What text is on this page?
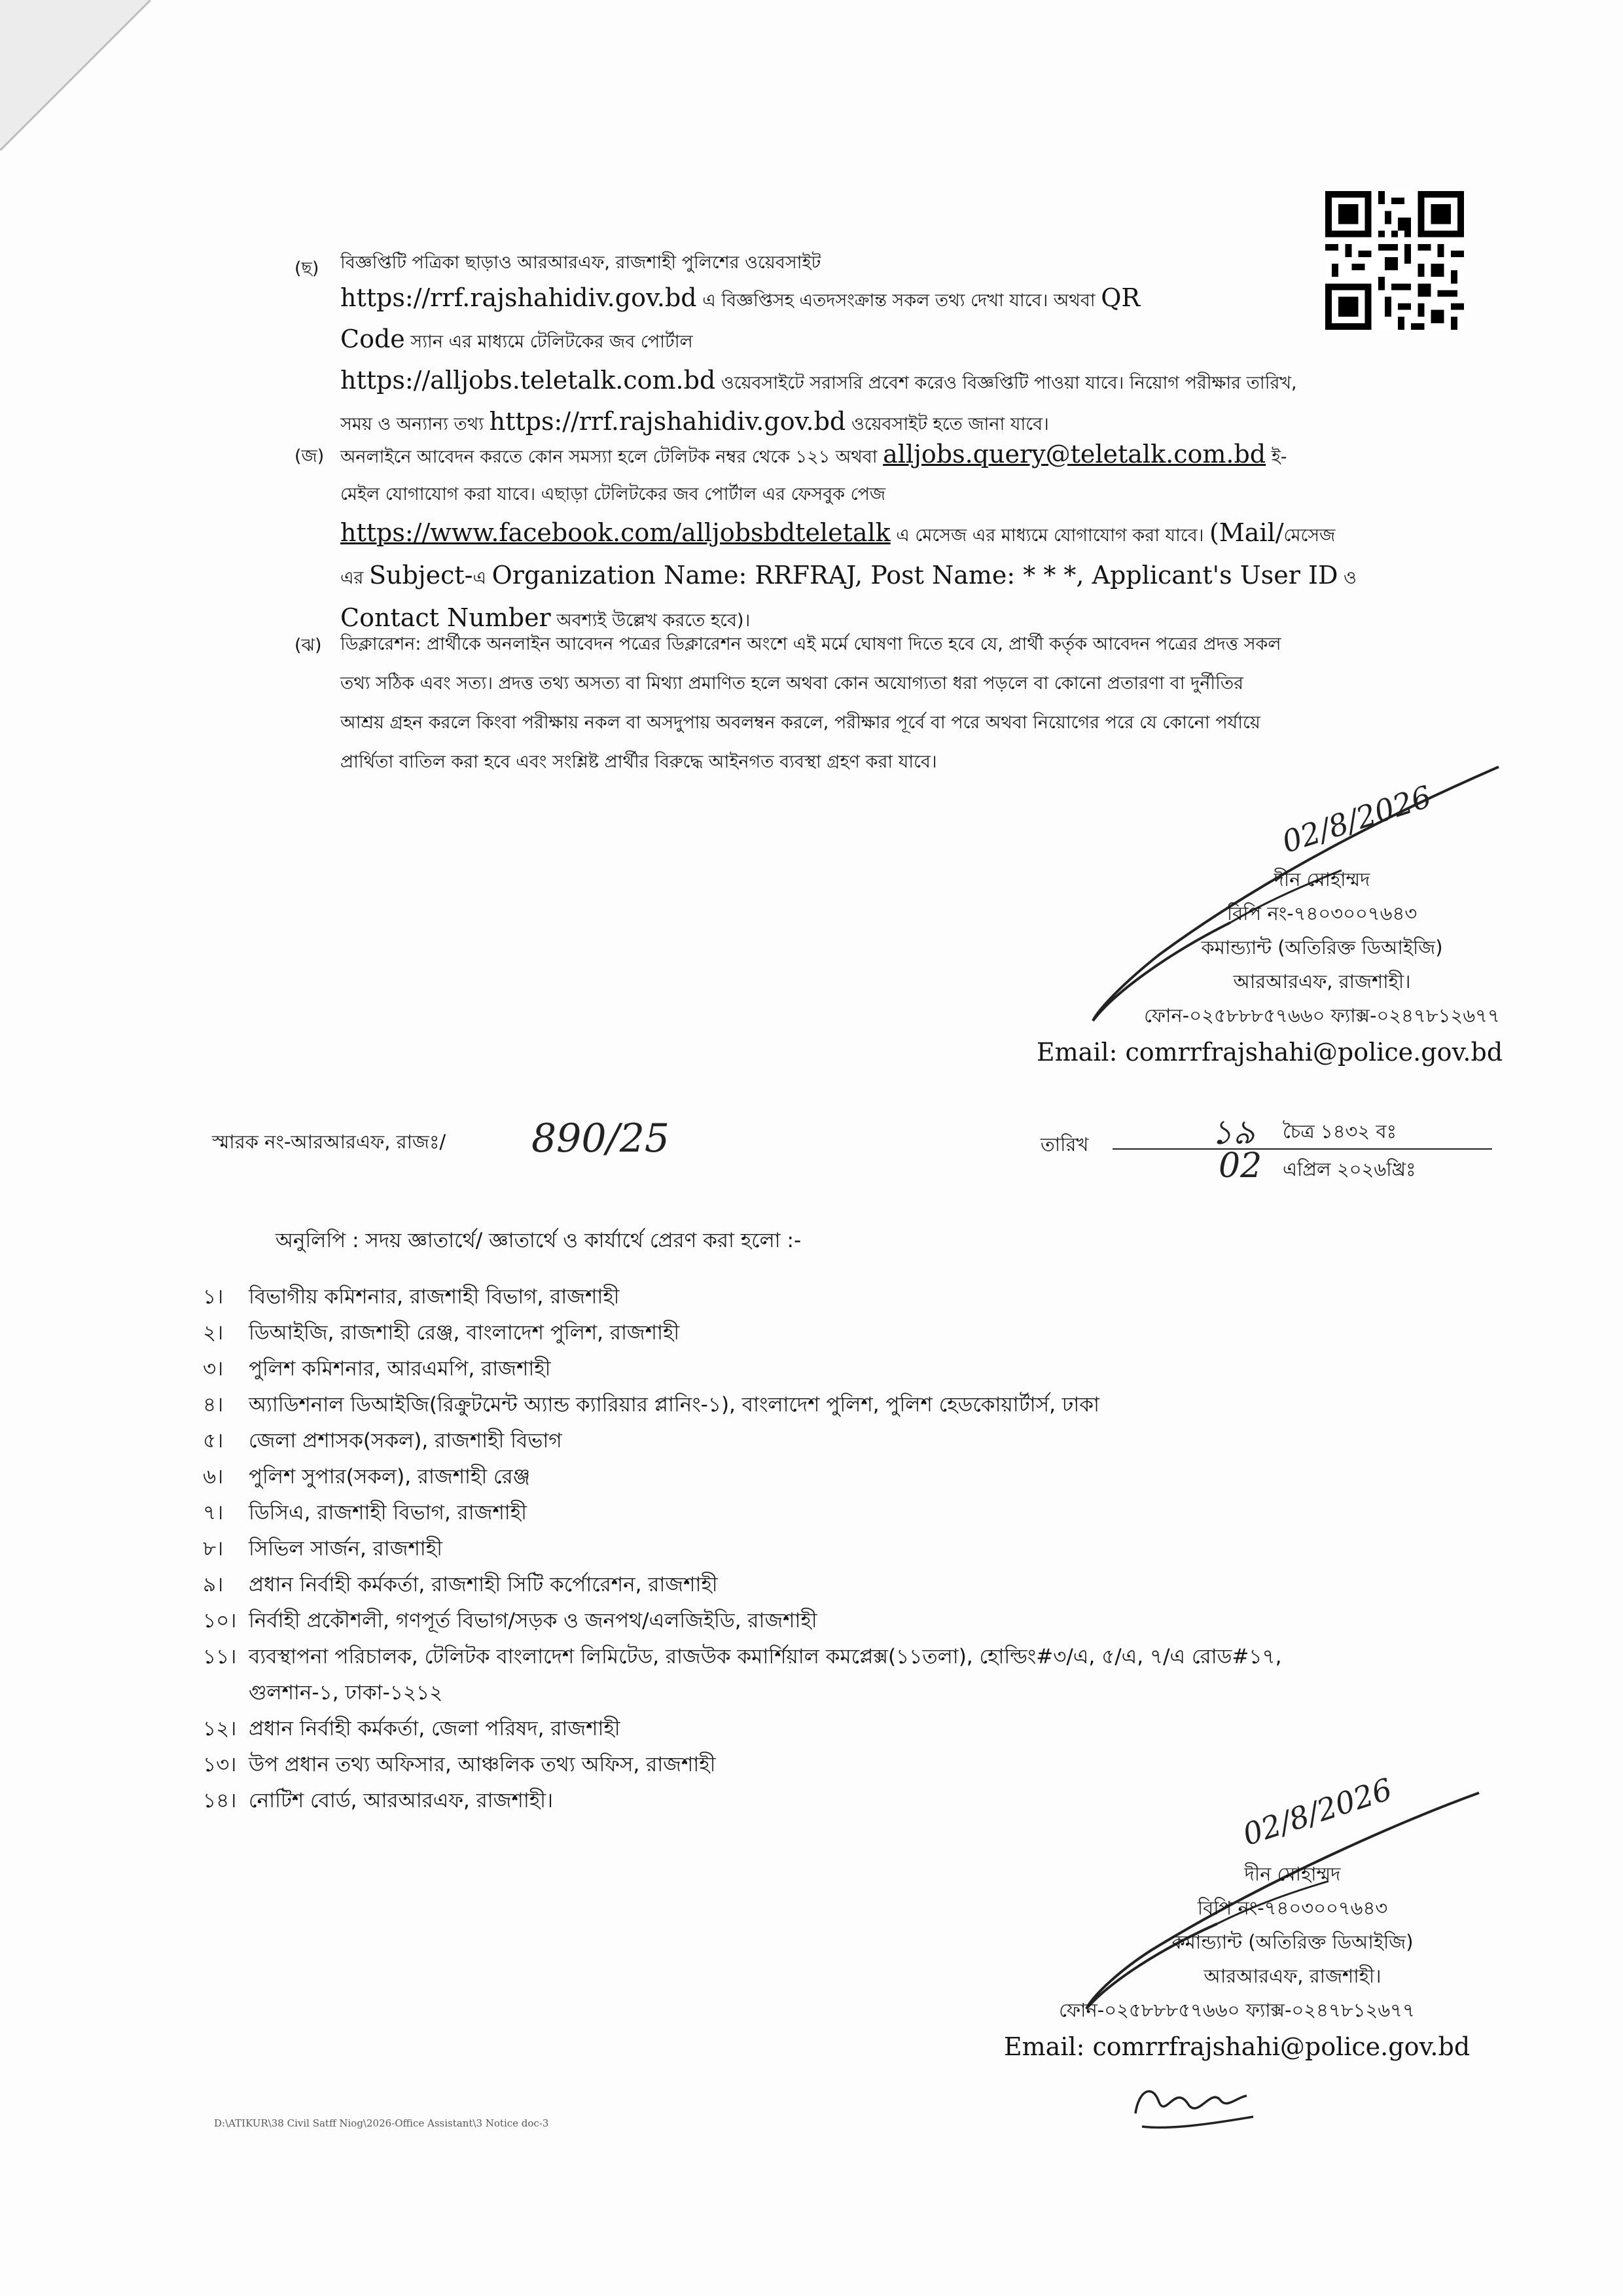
(ছ) বিজ্ঞপ্তিটি পত্রিকা ছাড়াও আরআরএফ, রাজশাহী পুলিশের ওয়েবসাইট
https://rrf.rajshahidiv.gov.bd এ বিজ্ঞপ্তিসহ এতদসংক্রান্ত সকল তথ্য দেখা যাবে। অথবা QR
Code স্যান এর মাধ্যমে টেলিটকের জব পোর্টাল
https://alljobs.teletalk.com.bd ওয়েবসাইটে সরাসরি প্রবেশ করেও বিজ্ঞপ্তিটি পাওয়া যাবে। নিয়োগ পরীক্ষার তারিখ,
সময় ও অন্যান্য তথ্য https://rrf.rajshahidiv.gov.bd ওয়েবসাইট হতে জানা যাবে।
(জ) অনলাইনে আবেদন করতে কোন সমস্যা হলে টেলিটক নম্বর থেকে ১২১ অথবা alljobs.query@teletalk.com.bd ই-
মেইল যোগাযোগ করা যাবে। এছাড়া টেলিটকের জব পোর্টাল এর ফেসবুক পেজ
https://www.facebook.com/alljobsbdteletalk এ মেসেজ এর মাধ্যমে যোগাযোগ করা যাবে। (Mail/মেসেজ
এর Subject-এ Organization Name: RRFRAJ, Post Name: * * *, Applicant's User ID ও
Contact Number অবশ্যই উল্লেখ করতে হবে)।
(ঝ) ডিক্লারেশন: প্রার্থীকে অনলাইন আবেদন পত্রের ডিক্লারেশন অংশে এই মর্মে ঘোষণা দিতে হবে যে, প্রার্থী কর্তৃক আবেদন পত্রের প্রদত্ত সকল
তথ্য সঠিক এবং সত্য। প্রদত্ত তথ্য অসত্য বা মিথ্যা প্রমাণিত হলে অথবা কোন অযোগ্যতা ধরা পড়লে বা কোনো প্রতারণা বা দুর্নীতির
আশ্রয় গ্রহন করলে কিংবা পরীক্ষায় নকল বা অসদুপায় অবলম্বন করলে, পরীক্ষার পূর্বে বা পরে অথবা নিয়োগের পরে যে কোনো পর্যায়ে
প্রার্থিতা বাতিল করা হবে এবং সংশ্লিষ্ট প্রার্থীর বিরুদ্ধে আইনগত ব্যবস্থা গ্রহণ করা যাবে।
02/8/2026
দীন মোহাম্মদ
বিপি নং-৭৪০৩০০৭৬৪৩
কমান্ড্যান্ট (অতিরিক্ত ডিআইজি)
আরআরএফ, রাজশাহী।
ফোন-০২৫৮৮৮৫৭৬৬০ ফ্যাক্স-০২৪৭৮১২৬৭৭
Email: comrrfrajshahi@police.gov.bd
স্মারক নং-আরআরএফ, রাজঃ/ 890/25	তারিখ	১৯ চৈত্র ১৪৩২ বঃ
02 এপ্রিল ২০২৬খ্রিঃ
অনুলিপি : সদয় জ্ঞাতার্থে/ জ্ঞাতার্থে ও কার্যার্থে প্রেরণ করা হলো :-
১। বিভাগীয় কমিশনার, রাজশাহী বিভাগ, রাজশাহী
২। ডিআইজি, রাজশাহী রেঞ্জ, বাংলাদেশ পুলিশ, রাজশাহী
৩। পুলিশ কমিশনার, আরএমপি, রাজশাহী
৪। অ্যাডিশনাল ডিআইজি(রিক্রুটমেন্ট অ্যান্ড ক্যারিয়ার প্লানিং-১), বাংলাদেশ পুলিশ, পুলিশ হেডকোয়ার্টার্স, ঢাকা
৫। জেলা প্রশাসক(সকল), রাজশাহী বিভাগ
৬। পুলিশ সুপার(সকল), রাজশাহী রেঞ্জ
৭। ডিসিএ, রাজশাহী বিভাগ, রাজশাহী
৮। সিভিল সার্জন, রাজশাহী
৯। প্রধান নির্বাহী কর্মকর্তা, রাজশাহী সিটি কর্পোরেশন, রাজশাহী
১০। নির্বাহী প্রকৌশলী, গণপূর্ত বিভাগ/সড়ক ও জনপথ/এলজিইডি, রাজশাহী
১১। ব্যবস্থাপনা পরিচালক, টেলিটক বাংলাদেশ লিমিটেড, রাজউক কমার্শিয়াল কমপ্লেক্স(১১তলা), হোল্ডিং#৩/এ, ৫/এ, ৭/এ রোড#১৭,
গুলশান-১, ঢাকা-১২১২
১২। প্রধান নির্বাহী কর্মকর্তা, জেলা পরিষদ, রাজশাহী
১৩। উপ প্রধান তথ্য অফিসার, আঞ্চলিক তথ্য অফিস, রাজশাহী
১৪। নোটিশ বোর্ড, আরআরএফ, রাজশাহী।	02/8/2026
দীন মোহাম্মদ
বিপি নং-৭৪০৩০০৭৬৪৩
কমান্ড্যান্ট (অতিরিক্ত ডিআইজি)
আরআরএফ, রাজশাহী।
ফোন-০২৫৮৮৮৫৭৬৬০ ফ্যাক্স-০২৪৭৮১২৬৭৭
Email: comrrfrajshahi@police.gov.bd
D:\ATIKUR\38 Civil Satff Niog\2026-Office Assistant\3 Notice doc-3
